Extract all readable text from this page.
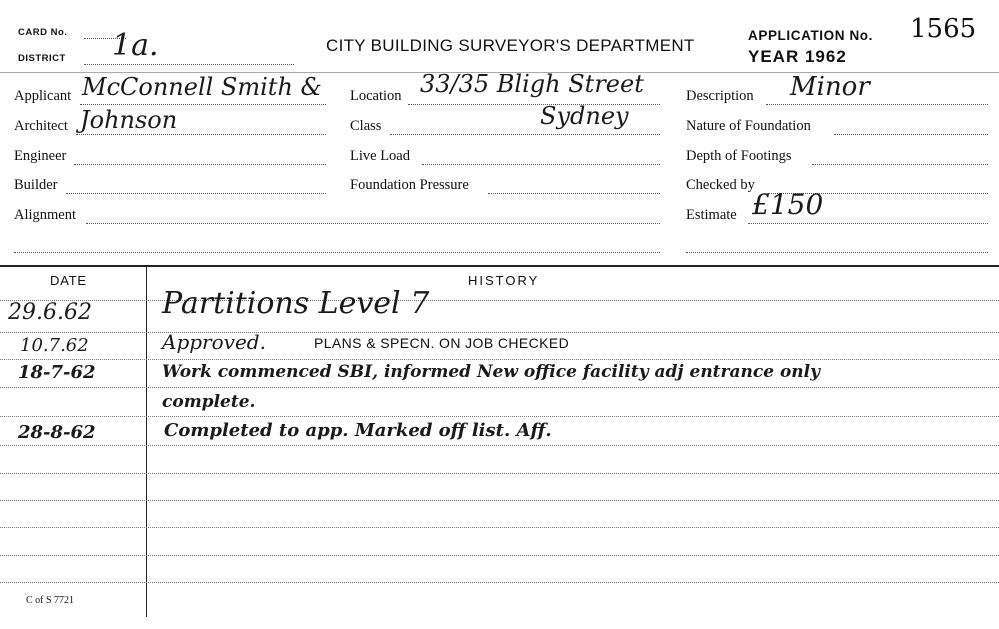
CARD No.
DISTRICT 1a.	CITY BUILDING SURVEYOR'S DEPARTMENT
APPLICATION No. 1565
YEAR 1962
Applicant McConnell Smith &
Architect Johnson
Engineer
Builder
Alignment
Location 33/35 Bligh Street
Sydney
Class
Live Load
Foundation Pressure
Description Minor
Nature of Foundation
Depth of Footings
Checked by
Estimate £150
DATE	HISTORY
29.6.62 Partitions Level 7
10.7.62	Approved.	PLANS & SPECN. ON JOB CHECKED
18-7-62	Work commenced SBI, informed New office facility adj entrance only
complete.
28-8-62	Completed to app. Marked off list. Aff.
C of S 7721
